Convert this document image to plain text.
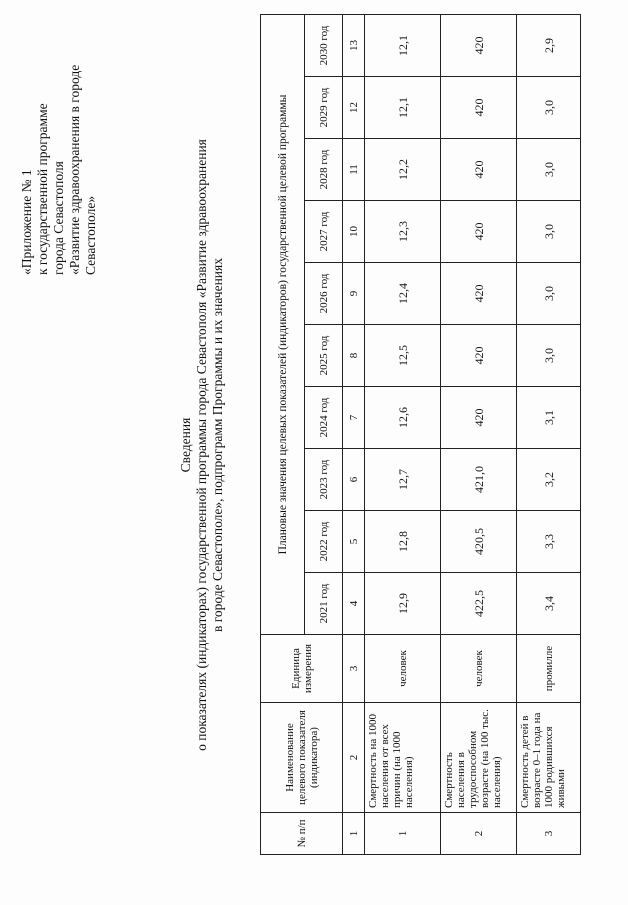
«Приложение № 1 к государственной программе города Севастополя «Развитие здравоохранения в городе Севастополе»
Сведения о показателях (индикаторах) государственной программы города Севастополя «Развитие здравоохранения в городе Севастополе», подпрограмм Программы и их значениях
№ п/п	Наименование целевого показателя (индикатора)	Единица измерения	Плановые значения целевых показателей (индикаторов) государственной целевой программы									
			2021 год	2022 год	2023 год	2024 год	2025 год	2026 год	2027 год	2028 год	2029 год	2030 год
1	2	3	4	5	6	7	8	9	10	11	12	13
1	Смертность на 1000 населения от всех причин (на 1000 населения)	человек	12,9	12,8	12,7	12,6	12,5	12,4	12,3	12,2	12,1	12,1
2	Смертность населения в трудоспособном возрасте (на 100 тыс. населения)	человек	422,5	420,5	421,0	420	420	420	420	420	420	420
3	Смертность детей в возрасте 0–1 года на 1000 родившихся живыми	промилле	3,4	3,3	3,2	3,1	3,0	3,0	3,0	3,0	3,0	2,9
